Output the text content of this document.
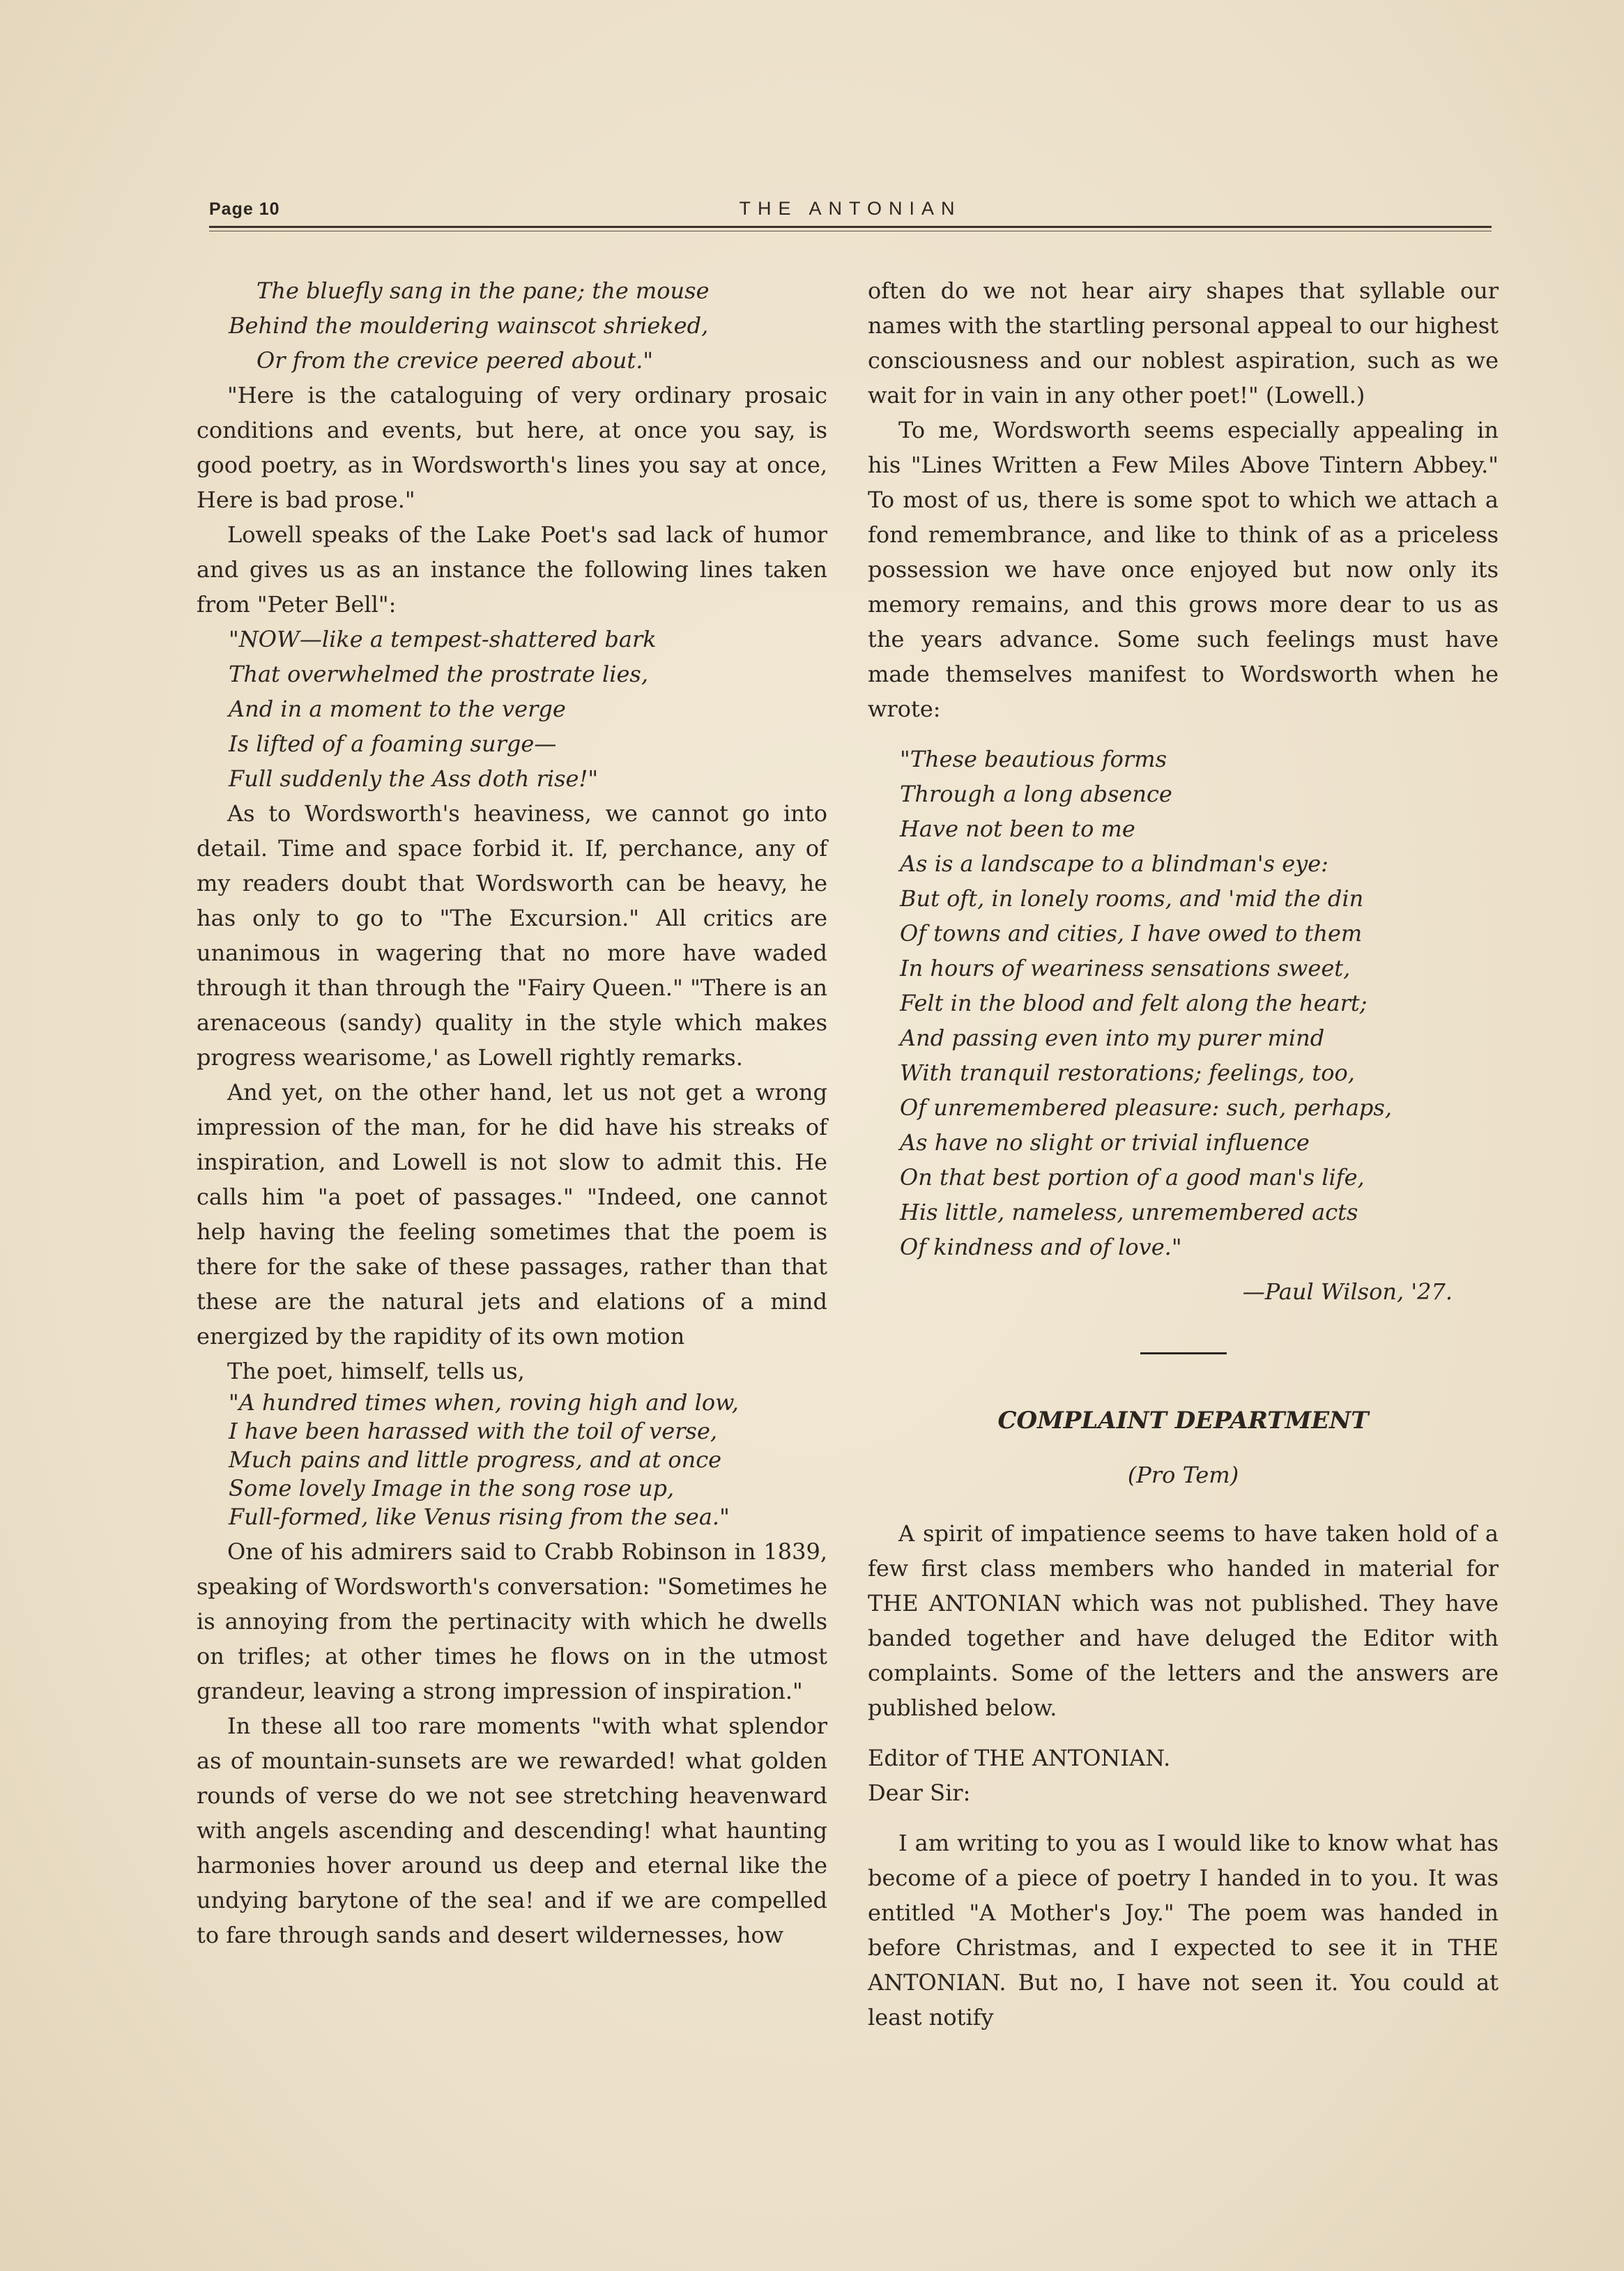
Page 10	THE ANTONIAN
The bluefly sang in the pane; the mouse
Behind the mouldering wainscot shrieked,
Or from the crevice peered about."

"Here is the cataloguing of very ordinary prosaic conditions and events, but here, at once you say, is good poetry, as in Wordsworth's lines you say at once, Here is bad prose."

Lowell speaks of the Lake Poet's sad lack of humor and gives us as an instance the following lines taken from "Peter Bell":

"NOW—like a tempest-shattered bark
That overwhelmed the prostrate lies,
And in a moment to the verge
Is lifted of a foaming surge—
Full suddenly the Ass doth rise!"

As to Wordsworth's heaviness, we cannot go into detail. Time and space forbid it. If, perchance, any of my readers doubt that Wordsworth can be heavy, he has only to go to "The Excursion." All critics are unanimous in wagering that no more have waded through it than through the "Fairy Queen." "There is an arenaceous (sandy) quality in the style which makes progress wearisome,' as Lowell rightly remarks.

And yet, on the other hand, let us not get a wrong impression of the man, for he did have his streaks of inspiration, and Lowell is not slow to admit this. He calls him "a poet of passages." "Indeed, one cannot help having the feeling sometimes that the poem is there for the sake of these passages, rather than that these are the natural jets and elations of a mind energized by the rapidity of its own motion

The poet, himself, tells us,

"A hundred times when, roving high and low,
I have been harassed with the toil of verse,
Much pains and little progress, and at once
Some lovely Image in the song rose up,
Full-formed, like Venus rising from the sea."

One of his admirers said to Crabb Robinson in 1839, speaking of Wordsworth's conversation: "Sometimes he is annoying from the pertinacity with which he dwells on trifles; at other times he flows on in the utmost grandeur, leaving a strong impression of inspiration."

In these all too rare moments "with what splendor as of mountain-sunsets are we rewarded! what golden rounds of verse do we not see stretching heavenward with angels ascending and descending! what haunting harmonies hover around us deep and eternal like the undying barytone of the sea! and if we are compelled to fare through sands and desert wildernesses, how

often do we not hear airy shapes that syllable our names with the startling personal appeal to our highest consciousness and our noblest aspiration, such as we wait for in vain in any other poet!" (Lowell.)

To me, Wordsworth seems especially appealing in his "Lines Written a Few Miles Above Tintern Abbey." To most of us, there is some spot to which we attach a fond remembrance, and like to think of as a priceless possession we have once enjoyed but now only its memory remains, and this grows more dear to us as the years advance. Some such feelings must have made themselves manifest to Wordsworth when he wrote:

"These beautious forms
Through a long absence
Have not been to me
As is a landscape to a blindman's eye:
But oft, in lonely rooms, and 'mid the din
Of towns and cities, I have owed to them
In hours of weariness sensations sweet,
Felt in the blood and felt along the heart;
And passing even into my purer mind
With tranquil restorations; feelings, too,
Of unremembered pleasure: such, perhaps,
As have no slight or trivial influence
On that best portion of a good man's life,
His little, nameless, unremembered acts
Of kindness and of love."
—Paul Wilson, '27.
COMPLAINT DEPARTMENT
(Pro Tem)

A spirit of impatience seems to have taken hold of a few first class members who handed in material for THE ANTONIAN which was not published. They have banded together and have deluged the Editor with complaints. Some of the letters and the answers are published below.

Editor of THE ANTONIAN.

Dear Sir:

I am writing to you as I would like to know what has become of a piece of poetry I handed in to you. It was entitled "A Mother's Joy." The poem was handed in before Christmas, and I expected to see it in THE ANTONIAN. But no, I have not seen it. You could at least notify
